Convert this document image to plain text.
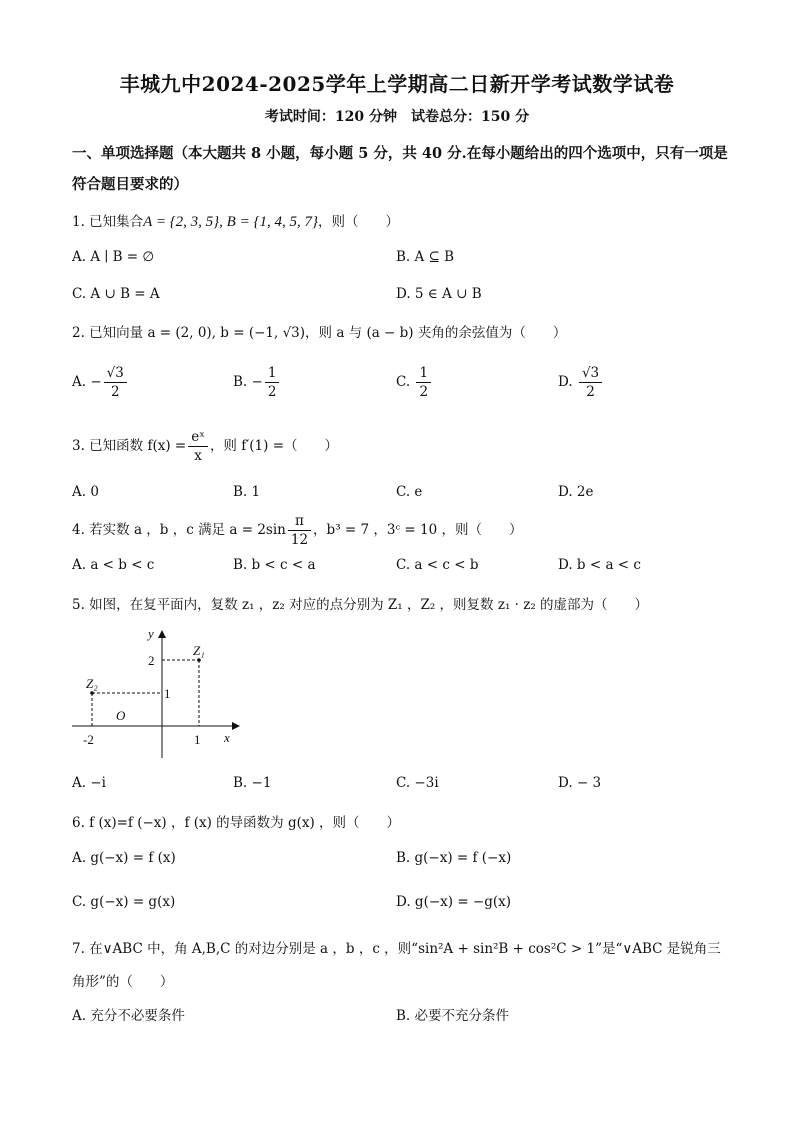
丰城九中2024-2025学年上学期高二日新开学考试数学试卷
考试时间：120 分钟　试卷总分：150 分
一、单项选择题（本大题共 8 小题，每小题 5 分，共 40 分.在每小题给出的四个选项中，只有一项是符合题目要求的）
1. 已知集合A = {2, 3, 5}, B = {1, 4, 5, 7}，则（　　）
A. A ∣ B = ∅	B. A ⊆ B
C. A ∪ B = A	D. 5 ∈ A ∪ B
2. 已知向量 a = (2, 0), b = (−1, √3)，则 a 与 (a − b) 夹角的余弦值为（　　）
A. − $\frac{√3}{2}$	B. − $\frac{1}{2}$	C. $\frac{1}{2}$	D. $\frac{√3}{2}$
3. 已知函数 $f(x) = \frac{\text{eˣ}}{x}$ ，则 f′(1) =（　　）
A. 0	B. 1	C. e	D. 2e
4. 若实数 a ，b ，c 满足 $a = 2\sin \frac{\pi}{12}$ ，b³ = 7 ，3ᶜ = 10 ，则（　　）
A. a < b < c	B. b < c < a	C. a < c < b	D. b < a < c
5. 如图，在复平面内，复数 z₁ ，z₂ 对应的点分别为 Z₁ ，Z₂ ，则复数 z₁ · z₂ 的虚部为（　　）
y
x
O
Z₁
Z₂
2
1
-2	1
A. −i	B. −1	C. −3i	D. − 3
6. f (x)=f (−x) ，f (x) 的导函数为 g(x) ，则（　　）
A. g(−x) = f (x)	B. g(−x) = f (−x)
C. g(−x) = g(x)	D. g(−x) = −g(x)
7. 在∨ABC 中，角 A,B,C 的对边分别是 a ，b ，c ，则“sin²A + sin²B + cos²C > 1”是“∨ABC 是锐角三
角形”的（　　）
A. 充分不必要条件	B. 必要不充分条件
